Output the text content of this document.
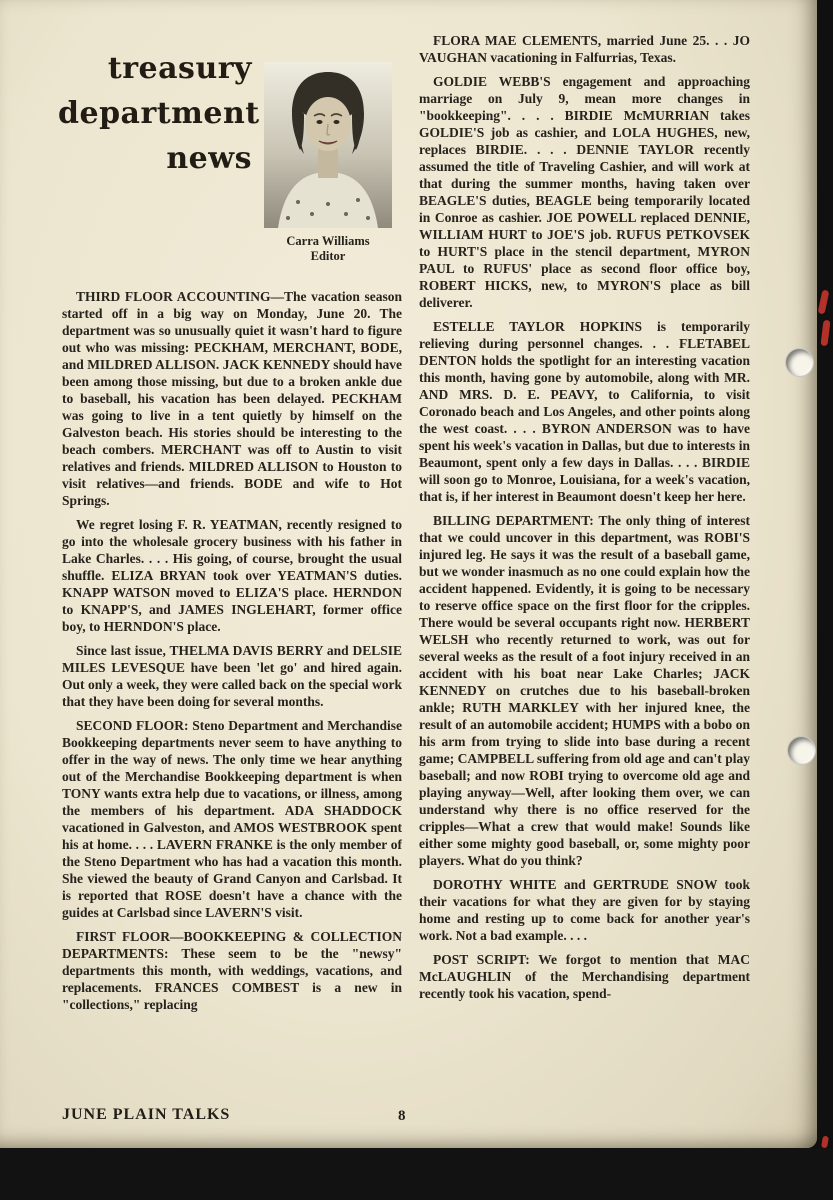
treasury
department
news
Carra Williams
Editor

THIRD FLOOR ACCOUNTING—The vacation season started off in a big way on Monday, June 20. The department was so unusually quiet it wasn't hard to figure out who was missing: PECKHAM, MERCHANT, BODE, and MILDRED ALLISON. JACK KENNEDY should have been among those missing, but due to a broken ankle due to baseball, his vacation has been delayed. PECKHAM was going to live in a tent quietly by himself on the Galveston beach. His stories should be interesting to the beach combers. MERCHANT was off to Austin to visit relatives and friends. MILDRED ALLISON to Houston to visit relatives—and friends. BODE and wife to Hot Springs.

We regret losing F. R. YEATMAN, recently resigned to go into the wholesale grocery business with his father in Lake Charles. . . . His going, of course, brought the usual shuffle. ELIZA BRYAN took over YEATMAN'S duties. KNAPP WATSON moved to ELIZA'S place. HERNDON to KNAPP'S, and JAMES INGLEHART, former office boy, to HERNDON'S place.

Since last issue, THELMA DAVIS BERRY and DELSIE MILES LEVESQUE have been 'let go' and hired again. Out only a week, they were called back on the special work that they have been doing for several months.

SECOND FLOOR: Steno Department and Merchandise Bookkeeping departments never seem to have anything to offer in the way of news. The only time we hear anything out of the Merchandise Bookkeeping department is when TONY wants extra help due to vacations, or illness, among the members of his department. ADA SHADDOCK vacationed in Galveston, and AMOS WESTBROOK spent his at home. . . . LAVERN FRANKE is the only member of the Steno Department who has had a vacation this month. She viewed the beauty of Grand Canyon and Carlsbad. It is reported that ROSE doesn't have a chance with the guides at Carlsbad since LAVERN'S visit.

FIRST FLOOR—BOOKKEEPING & COLLECTION DEPARTMENTS: These seem to be the "newsy" departments this month, with weddings, vacations, and replacements. FRANCES COMBEST is a new in "collections," replacing

FLORA MAE CLEMENTS, married June 25. . . JO VAUGHAN vacationing in Falfurrias, Texas.

GOLDIE WEBB'S engagement and approaching marriage on July 9, mean more changes in "bookkeeping". . . . BIRDIE McMURRIAN takes GOLDIE'S job as cashier, and LOLA HUGHES, new, replaces BIRDIE. . . . DENNIE TAYLOR recently assumed the title of Traveling Cashier, and will work at that during the summer months, having taken over BEAGLE'S duties, BEAGLE being temporarily located in Conroe as cashier. JOE POWELL replaced DENNIE, WILLIAM HURT to JOE'S job. RUFUS PETKOVSEK to HURT'S place in the stencil department, MYRON PAUL to RUFUS' place as second floor office boy, ROBERT HICKS, new, to MYRON'S place as bill deliverer.

ESTELLE TAYLOR HOPKINS is temporarily relieving during personnel changes. . . FLETABEL DENTON holds the spotlight for an interesting vacation this month, having gone by automobile, along with MR. AND MRS. D. E. PEAVY, to California, to visit Coronado beach and Los Angeles, and other points along the west coast. . . . BYRON ANDERSON was to have spent his week's vacation in Dallas, but due to interests in Beaumont, spent only a few days in Dallas. . . . BIRDIE will soon go to Monroe, Louisiana, for a week's vacation, that is, if her interest in Beaumont doesn't keep her here.

BILLING DEPARTMENT: The only thing of interest that we could uncover in this department, was ROBI'S injured leg. He says it was the result of a baseball game, but we wonder inasmuch as no one could explain how the accident happened. Evidently, it is going to be necessary to reserve office space on the first floor for the cripples. There would be several occupants right now. HERBERT WELSH who recently returned to work, was out for several weeks as the result of a foot injury received in an accident with his boat near Lake Charles; JACK KENNEDY on crutches due to his baseball-broken ankle; RUTH MARKLEY with her injured knee, the result of an automobile accident; HUMPS with a bobo on his arm from trying to slide into base during a recent game; CAMPBELL suffering from old age and can't play baseball; and now ROBI trying to overcome old age and playing anyway—Well, after looking them over, we can understand why there is no office reserved for the cripples—What a crew that would make! Sounds like either some mighty good baseball, or, some mighty poor players. What do you think?

DOROTHY WHITE and GERTRUDE SNOW took their vacations for what they are given for by staying home and resting up to come back for another year's work. Not a bad example. . . .

POST SCRIPT: We forgot to mention that MAC McLAUGHLIN of the Merchandising department recently took his vacation, spend-

JUNE PLAIN TALKS	8
